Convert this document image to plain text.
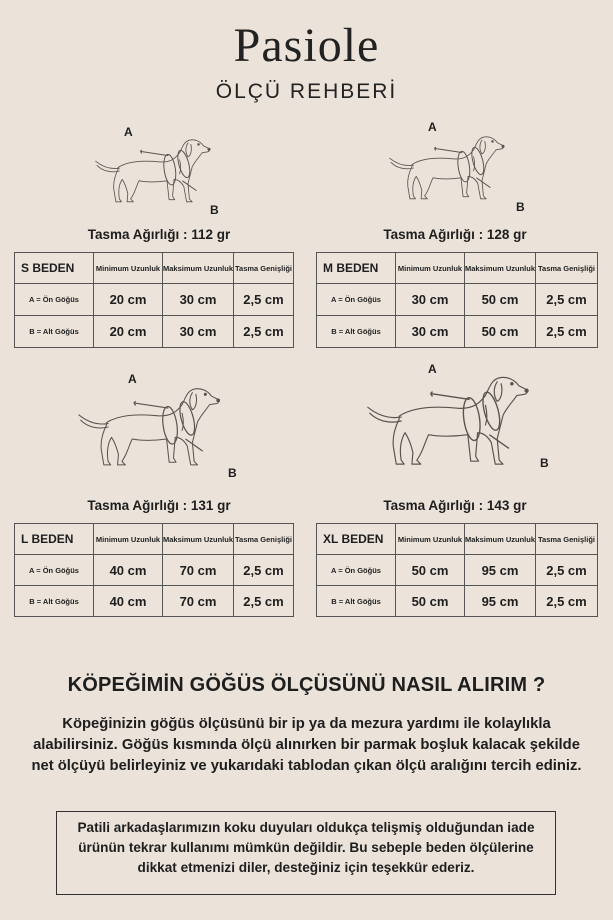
Pasiole
ÖLÇÜ REHBERİ
A
B
A
B
A
B
A
B
Tasma Ağırlığı : 112 gr	Tasma Ağırlığı : 128 gr
Tasma Ağırlığı : 131 gr	Tasma Ağırlığı : 143 gr
S BEDEN	Minimum Uzunluk	Maksimum Uzunluk	Tasma Genişliği
A = Ön Göğüs	20 cm	30 cm	2,5 cm
B = Alt Göğüs	20 cm	30 cm	2,5 cm
M BEDEN	Minimum Uzunluk	Maksimum Uzunluk	Tasma Genişliği
A = Ön Göğüs	30 cm	50 cm	2,5 cm
B = Alt Göğüs	30 cm	50 cm	2,5 cm
L BEDEN	Minimum Uzunluk	Maksimum Uzunluk	Tasma Genişliği
A = Ön Göğüs	40 cm	70 cm	2,5 cm
B = Alt Göğüs	40 cm	70 cm	2,5 cm
XL BEDEN	Minimum Uzunluk	Maksimum Uzunluk	Tasma Genişliği
A = Ön Göğüs	50 cm	95 cm	2,5 cm
B = Alt Göğüs	50 cm	95 cm	2,5 cm
KÖPEĞİMİN GÖĞÜS ÖLÇÜSÜNÜ NASIL ALIRIM ?
Köpeğinizin göğüs ölçüsünü bir ip ya da mezura yardımı ile kolaylıkla alabilirsiniz. Göğüs kısmında ölçü alınırken bir parmak boşluk kalacak şekilde net ölçüyü belirleyiniz ve yukarıdaki tablodan çıkan ölçü aralığını tercih ediniz.
Patili arkadaşlarımızın koku duyuları oldukça telişmiş olduğundan iade ürünün tekrar kullanımı mümkün değildir. Bu sebeple beden ölçülerine dikkat etmenizi diler, desteğiniz için teşekkür ederiz.
